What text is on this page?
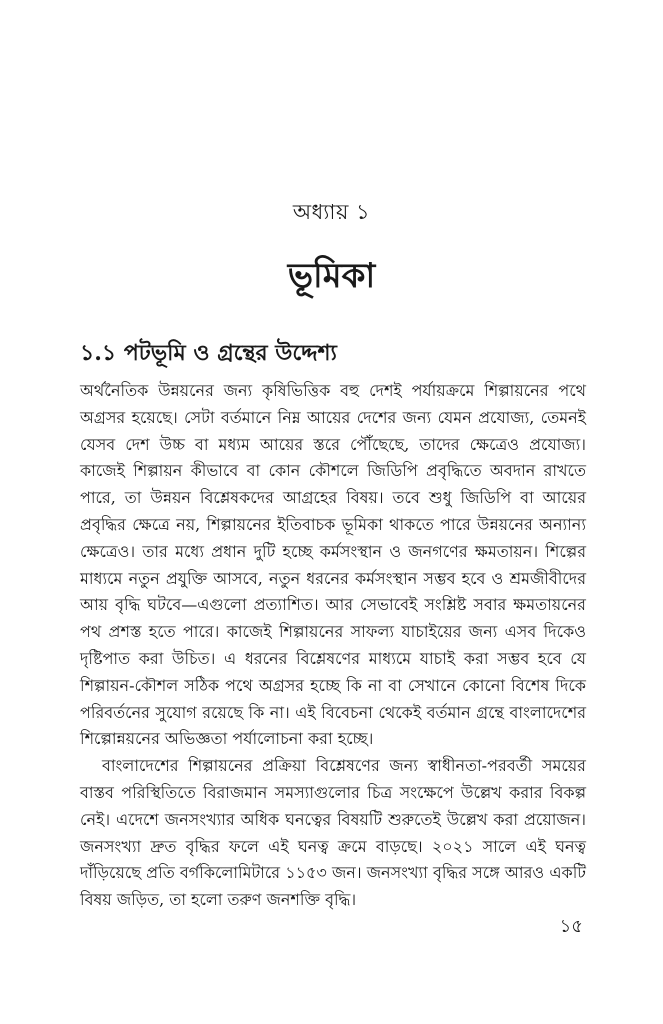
অধ্যায় ১
ভূমিকা
১.১ পটভূমি ও গ্রন্থের উদ্দেশ্য

অর্থনৈতিক উন্নয়নের জন্য কৃষিভিত্তিক বহু দেশই পর্যায়ক্রমে শিল্পায়নের পথে অগ্রসর হয়েছে। সেটা বর্তমানে নিম্ন আয়ের দেশের জন্য যেমন প্রযোজ্য, তেমনই যেসব দেশ উচ্চ বা মধ্যম আয়ের স্তরে পৌঁছেছে, তাদের ক্ষেত্রেও প্রযোজ্য। কাজেই শিল্পায়ন কীভাবে বা কোন কৌশলে জিডিপি প্রবৃদ্ধিতে অবদান রাখতে পারে, তা উন্নয়ন বিশ্লেষকদের আগ্রহের বিষয়। তবে শুধু জিডিপি বা আয়ের প্রবৃদ্ধির ক্ষেত্রে নয়, শিল্পায়নের ইতিবাচক ভূমিকা থাকতে পারে উন্নয়নের অন্যান্য ক্ষেত্রেও। তার মধ্যে প্রধান দুটি হচ্ছে কর্মসংস্থান ও জনগণের ক্ষমতায়ন। শিল্পের মাধ্যমে নতুন প্রযুক্তি আসবে, নতুন ধরনের কর্মসংস্থান সম্ভব হবে ও শ্রমজীবীদের আয় বৃদ্ধি ঘটবে—এগুলো প্রত্যাশিত। আর সেভাবেই সংশ্লিষ্ট সবার ক্ষমতায়নের পথ প্রশস্ত হতে পারে। কাজেই শিল্পায়নের সাফল্য যাচাইয়ের জন্য এসব দিকেও দৃষ্টিপাত করা উচিত। এ ধরনের বিশ্লেষণের মাধ্যমে যাচাই করা সম্ভব হবে যে শিল্পায়ন-কৌশল সঠিক পথে অগ্রসর হচ্ছে কি না বা সেখানে কোনো বিশেষ দিকে পরিবর্তনের সুযোগ রয়েছে কি না। এই বিবেচনা থেকেই বর্তমান গ্রন্থে বাংলাদেশের শিল্পোন্নয়নের অভিজ্ঞতা পর্যালোচনা করা হচ্ছে।

বাংলাদেশের শিল্পায়নের প্রক্রিয়া বিশ্লেষণের জন্য স্বাধীনতা-পরবর্তী সময়ের বাস্তব পরিস্থিতিতে বিরাজমান সমস্যাগুলোর চিত্র সংক্ষেপে উল্লেখ করার বিকল্প নেই। এদেশে জনসংখ্যার অধিক ঘনত্বের বিষয়টি শুরুতেই উল্লেখ করা প্রয়োজন। জনসংখ্যা দ্রুত বৃদ্ধির ফলে এই ঘনত্ব ক্রমে বাড়ছে। ২০২১ সালে এই ঘনত্ব দাঁড়িয়েছে প্রতি বর্গকিলোমিটারে ১১৫৩ জন। জনসংখ্যা বৃদ্ধির সঙ্গে আরও একটি বিষয় জড়িত, তা হলো তরুণ জনশক্তি বৃদ্ধি।

১৫
